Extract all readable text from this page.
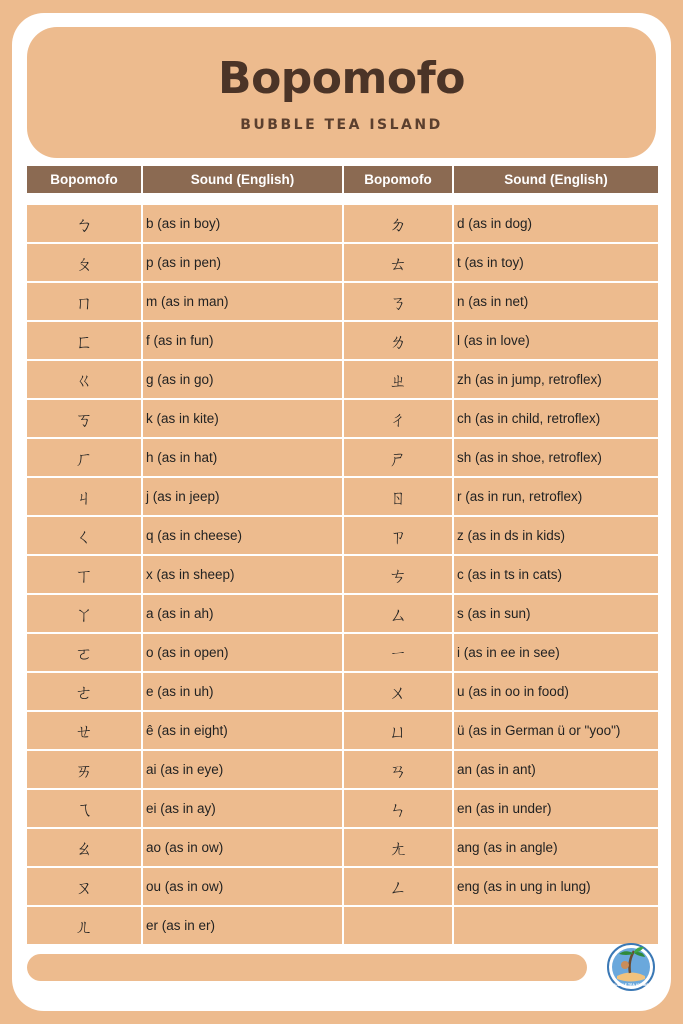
Bopomofo
BUBBLE TEA ISLAND
Bopomofo	Sound (English)	Bopomofo	Sound (English)
ㄅ	b (as in boy)	ㄉ	d (as in dog)
ㄆ	p (as in pen)	ㄊ	t (as in toy)
ㄇ	m (as in man)	ㄋ	n (as in net)
ㄈ	f (as in fun)	ㄌ	l (as in love)
ㄍ	g (as in go)	ㄓ	zh (as in jump, retroflex)
ㄎ	k (as in kite)	ㄔ	ch (as in child, retroflex)
ㄏ	h (as in hat)	ㄕ	sh (as in shoe, retroflex)
ㄐ	j (as in jeep)	ㄖ	r (as in run, retroflex)
ㄑ	q (as in cheese)	ㄗ	z (as in ds in kids)
ㄒ	x (as in sheep)	ㄘ	c (as in ts in cats)
ㄚ	a (as in ah)	ㄙ	s (as in sun)
ㄛ	o (as in open)	ㄧ	i (as in ee in see)
ㄜ	e (as in uh)	ㄨ	u (as in oo in food)
ㄝ	ê (as in eight)	ㄩ	ü (as in German ü or "yoo")
ㄞ	ai (as in eye)	ㄢ	an (as in ant)
ㄟ	ei (as in ay)	ㄣ	en (as in under)
ㄠ	ao (as in ow)	ㄤ	ang (as in angle)
ㄡ	ou (as in ow)	ㄥ	eng (as in ung in lung)
ㄦ	er (as in er)
BUBBLE TEA ISLAND
